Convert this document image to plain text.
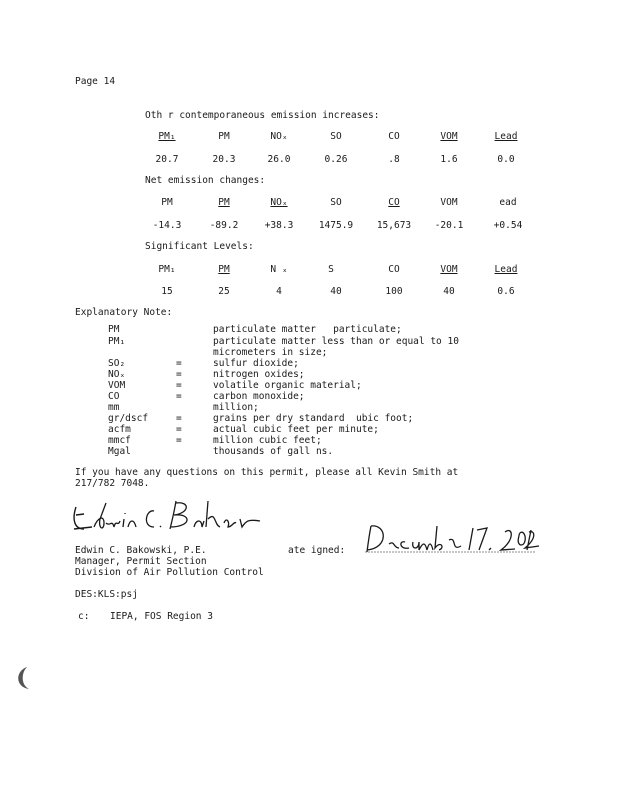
Page 14
Oth r contemporaneous emission increases:
PM₁	PM	NOₓ	SO	CO	VOM	Lead
20.7	20.3	26.0	0.26	.8	1.6	0.0
Net emission changes:
PM	PM	NOₓ	SO	CO	VOM	ead
-14.3	-89.2	+38.3	1475.9	15,673	-20.1	+0.54
Significant Levels:
PM₁	PM	N ₓ	S	CO	VOM	Lead
15	25	4	40	100	40	0.6
Explanatory Note:
PM	particulate matter   particulate;
PM₁	particulate matter less than or equal to 10
micrometers in size;
SO₂	=	sulfur dioxide;
NOₓ	=	nitrogen oxides;
VOM	=	volatile organic material;
CO	=	carbon monoxide;
mm	million;
gr/dscf	=	grains per dry standard  ubic foot;
acfm	=	actual cubic feet per minute;
mmcf	=	million cubic feet;
Mgal	thousands of gall ns.
If you have any questions on this permit, please all Kevin Smith at
217/782 7048.
Edwin C. Bakowski, P.E.
Manager, Permit Section
Division of Air Pollution Control
ate igned:
DES:KLS:psj
c: IEPA, FOS Region 3
